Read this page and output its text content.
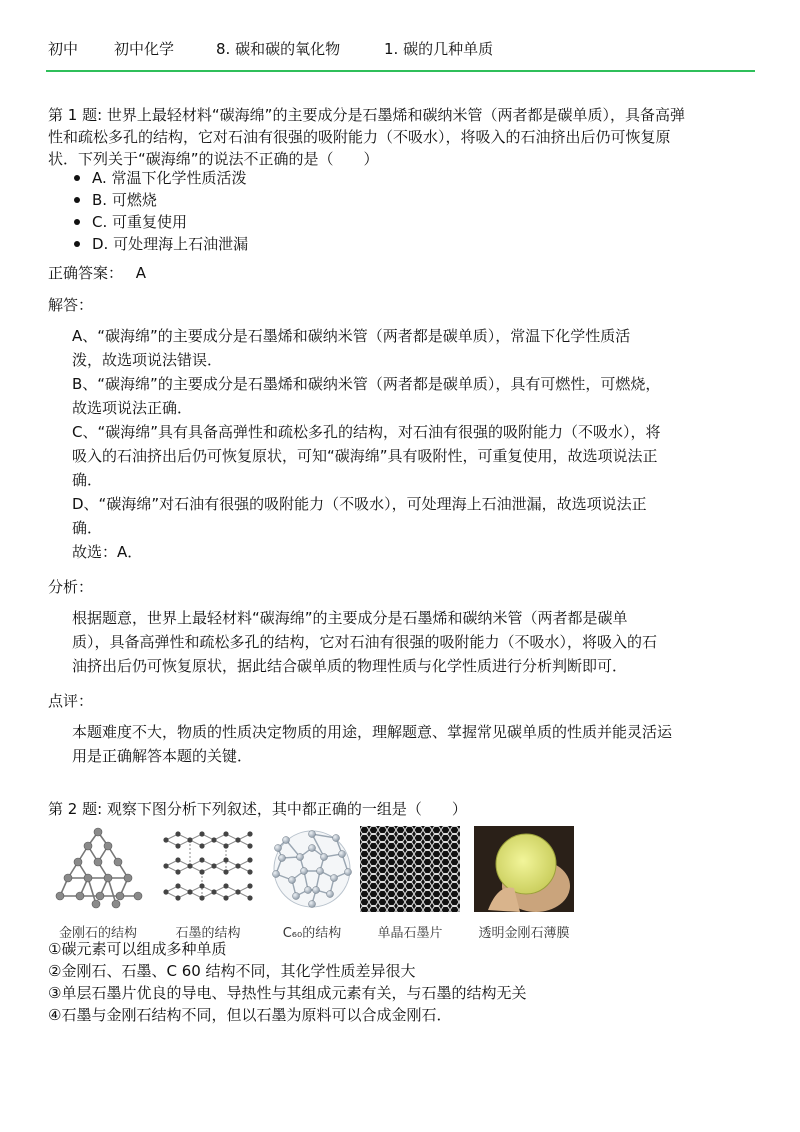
初中	初中化学	8. 碳和碳的氧化物	1. 碳的几种单质
第 1 题: 世界上最轻材料“碳海绵”的主要成分是石墨烯和碳纳米管（两者都是碳单质），具备高弹
性和疏松多孔的结构，它对石油有很强的吸附能力（不吸水），将吸入的石油挤出后仍可恢复原
状．下列关于“碳海绵”的说法不正确的是（　　）
A. 常温下化学性质活泼
B. 可燃烧
C. 可重复使用
D. 可处理海上石油泄漏
正确答案： A
解答：

A、“碳海绵”的主要成分是石墨烯和碳纳米管（两者都是碳单质），常温下化学性质活

泼，故选项说法错误．

B、“碳海绵”的主要成分是石墨烯和碳纳米管（两者都是碳单质），具有可燃性，可燃烧，

故选项说法正确．

C、“碳海绵”具有具备高弹性和疏松多孔的结构，对石油有很强的吸附能力（不吸水），将

吸入的石油挤出后仍可恢复原状，可知“碳海绵”具有吸附性，可重复使用，故选项说法正

确．

D、“碳海绵”对石油有很强的吸附能力（不吸水），可处理海上石油泄漏，故选项说法正

确．

故选：A．

分析：

根据题意，世界上最轻材料“碳海绵”的主要成分是石墨烯和碳纳米管（两者都是碳单

质），具备高弹性和疏松多孔的结构，它对石油有很强的吸附能力（不吸水），将吸入的石

油挤出后仍可恢复原状，据此结合碳单质的物理性质与化学性质进行分析判断即可．

点评：

本题难度不大，物质的性质决定物质的用途，理解题意、掌握常见碳单质的性质并能灵活运

用是正确解答本题的关键．

第 2 题: 观察下图分析下列叙述，其中都正确的一组是（　　）
金刚石的结构	石墨的结构	C₆₀的结构	单晶石墨片	透明金刚石薄膜
①碳元素可以组成多种单质
②金刚石、石墨、C 60 结构不同，其化学性质差异很大
③单层石墨片优良的导电、导热性与其组成元素有关，与石墨的结构无关
④石墨与金刚石结构不同，但以石墨为原料可以合成金刚石．
